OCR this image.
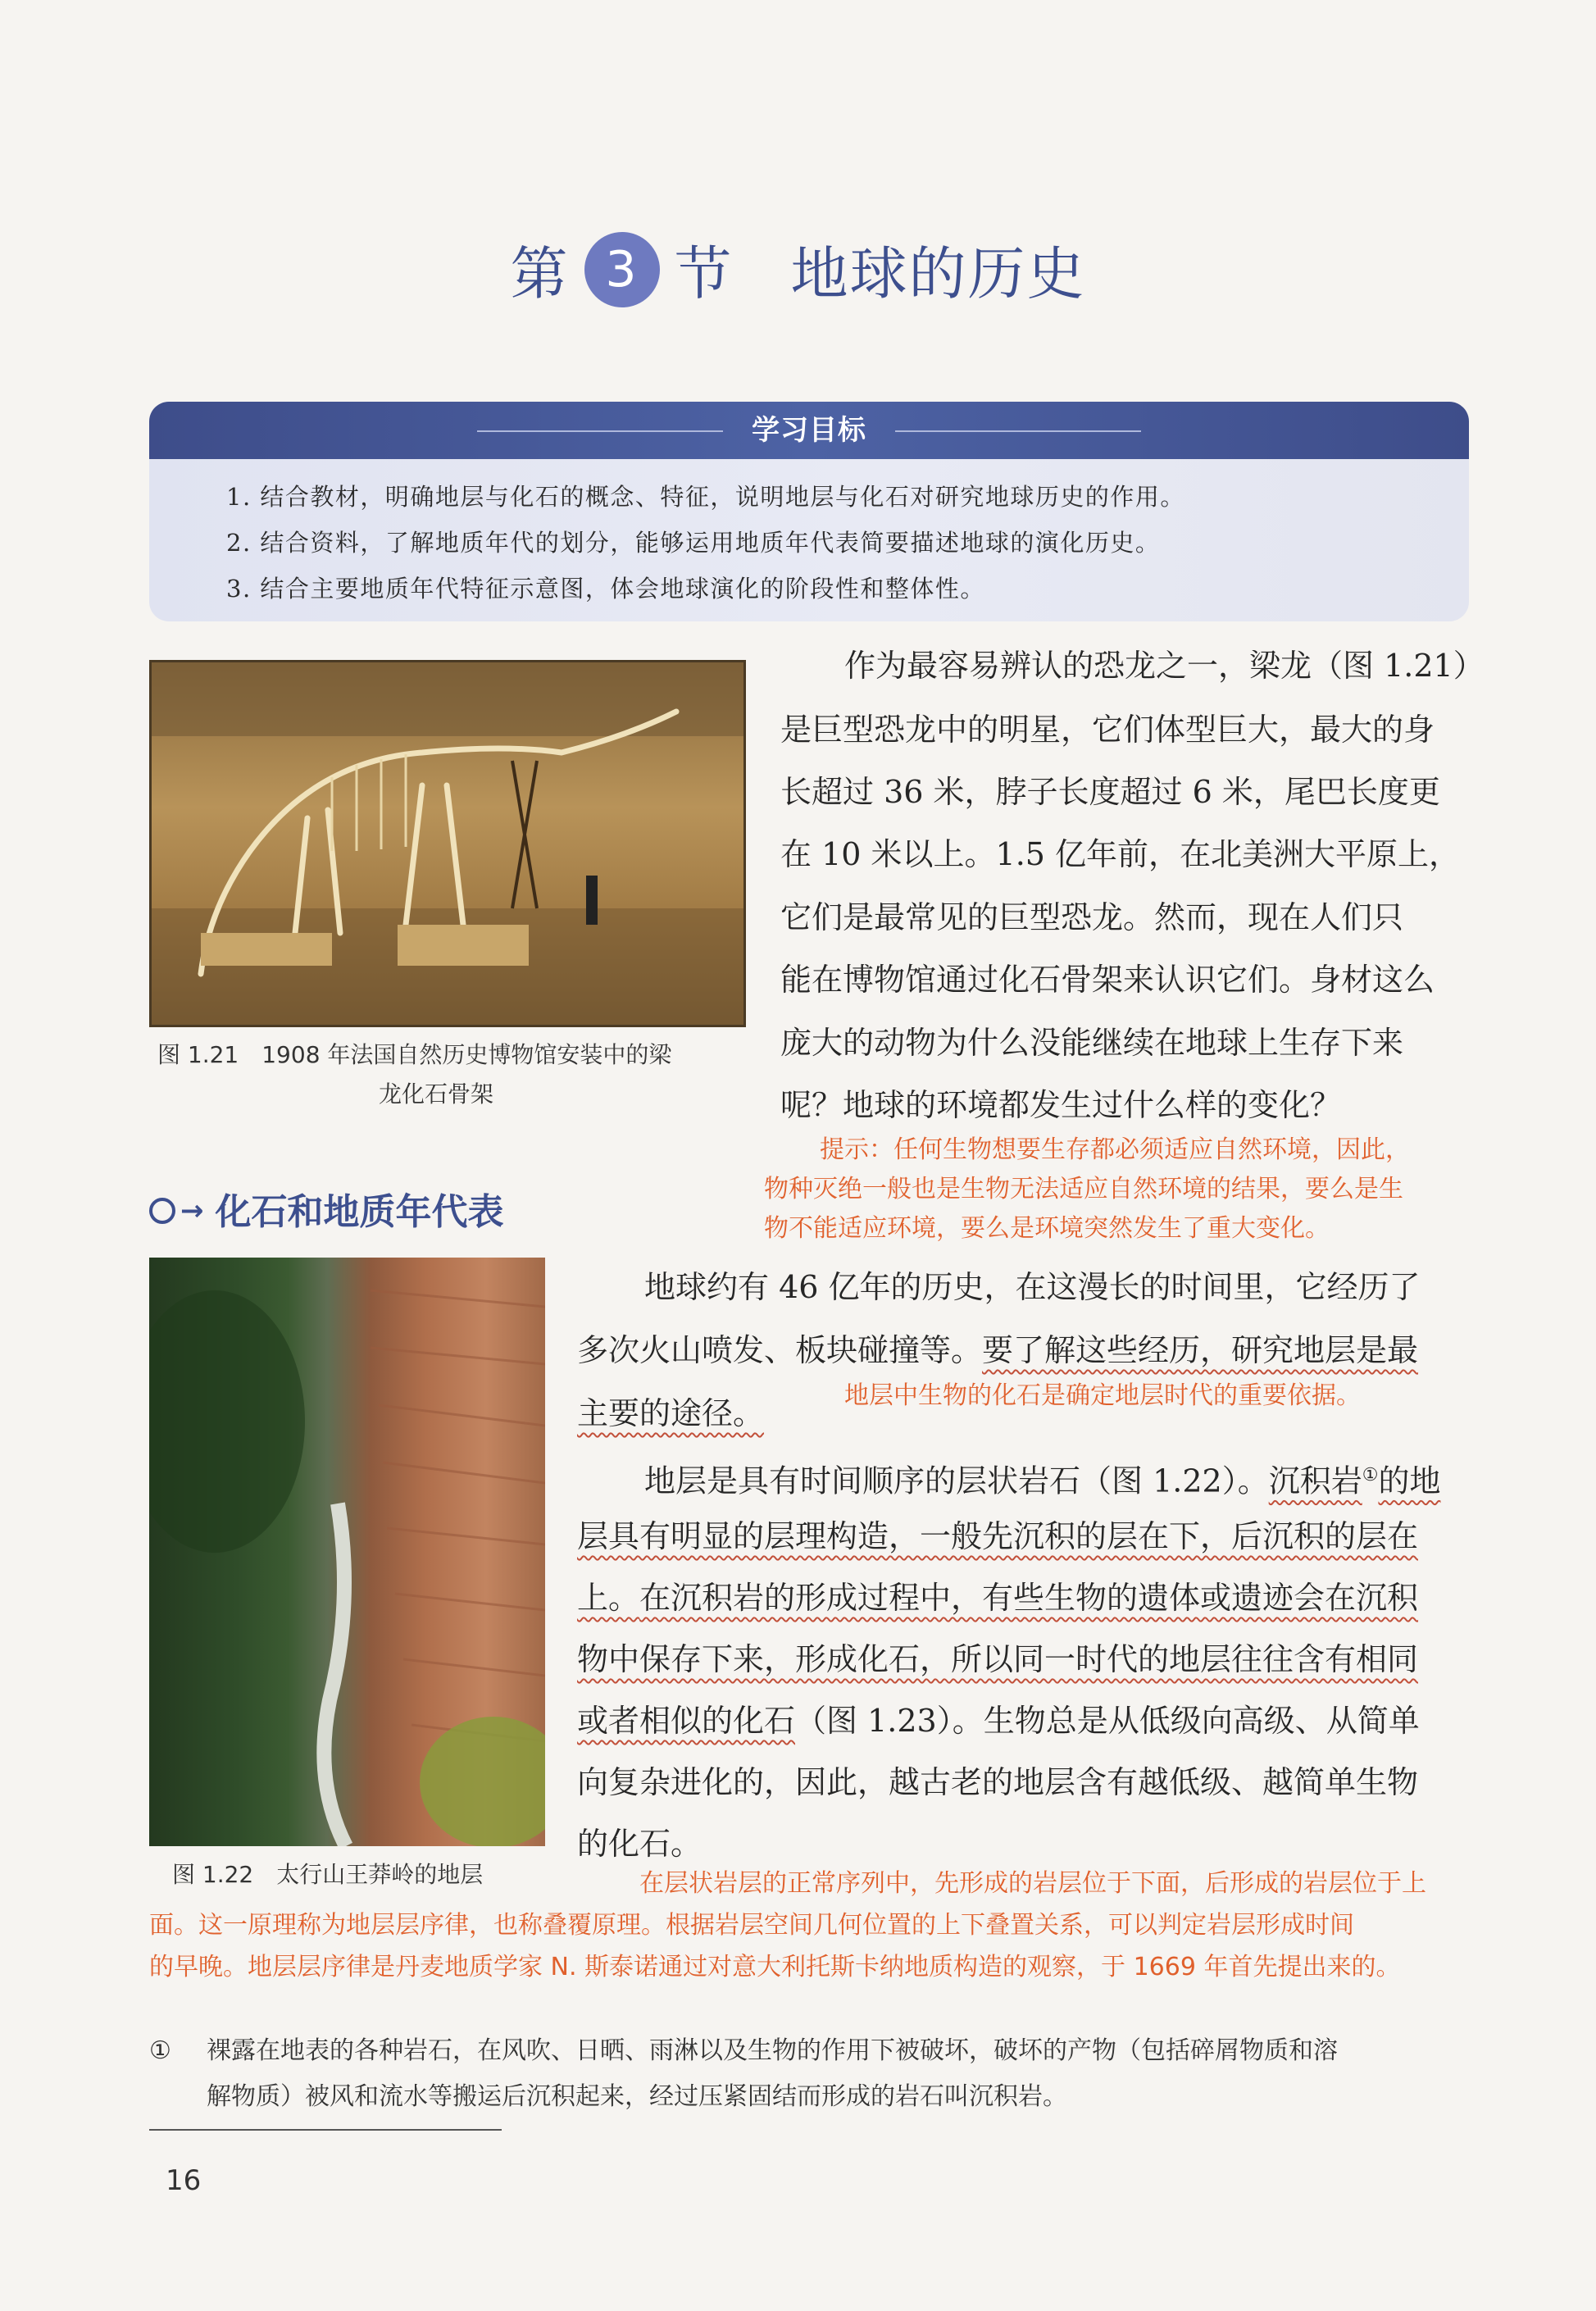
第 3 节 地球的历史
学习目标
1. 结合教材，明确地层与化石的概念、特征，说明地层与化石对研究地球历史的作用。
2. 结合资料，了解地质年代的划分，能够运用地质年代表简要描述地球的演化历史。
3. 结合主要地质年代特征示意图，体会地球演化的阶段性和整体性。
图 1.21　1908 年法国自然历史博物馆安装中的梁
龙化石骨架
作为最容易辨认的恐龙之一，梁龙（图 1.21）
是巨型恐龙中的明星，它们体型巨大，最大的身
长超过 36 米，脖子长度超过 6 米，尾巴长度更
在 10 米以上。1.5 亿年前，在北美洲大平原上，
它们是最常见的巨型恐龙。然而，现在人们只
能在博物馆通过化石骨架来认识它们。身材这么
庞大的动物为什么没能继续在地球上生存下来
呢？地球的环境都发生过什么样的变化？
提示：任何生物想要生存都必须适应自然环境，因此，
物种灭绝一般也是生物无法适应自然环境的结果，要么是生
物不能适应环境，要么是环境突然发生了重大变化。
→ 化石和地质年代表
图 1.22　太行山王莽岭的地层
地球约有 46 亿年的历史，在这漫长的时间里，它经历了
多次火山喷发、板块碰撞等。要了解这些经历，研究地层是最
主要的途径。	地层中生物的化石是确定地层时代的重要依据。
地层是具有时间顺序的层状岩石（图 1.22）。沉积岩①的地
层具有明显的层理构造，一般先沉积的层在下，后沉积的层在
上。在沉积岩的形成过程中，有些生物的遗体或遗迹会在沉积
物中保存下来，形成化石，所以同一时代的地层往往含有相同
或者相似的化石（图 1.23）。生物总是从低级向高级、从简单
向复杂进化的，因此，越古老的地层含有越低级、越简单生物
的化石。
在层状岩层的正常序列中，先形成的岩层位于下面，后形成的岩层位于上
面。这一原理称为地层层序律，也称叠覆原理。根据岩层空间几何位置的上下叠置关系，可以判定岩层形成时间
的早晚。地层层序律是丹麦地质学家 N. 斯泰诺通过对意大利托斯卡纳地质构造的观察，于 1669 年首先提出来的。
① 裸露在地表的各种岩石，在风吹、日晒、雨淋以及生物的作用下被破坏，破坏的产物（包括碎屑物质和溶
解物质）被风和流水等搬运后沉积起来，经过压紧固结而形成的岩石叫沉积岩。
16
